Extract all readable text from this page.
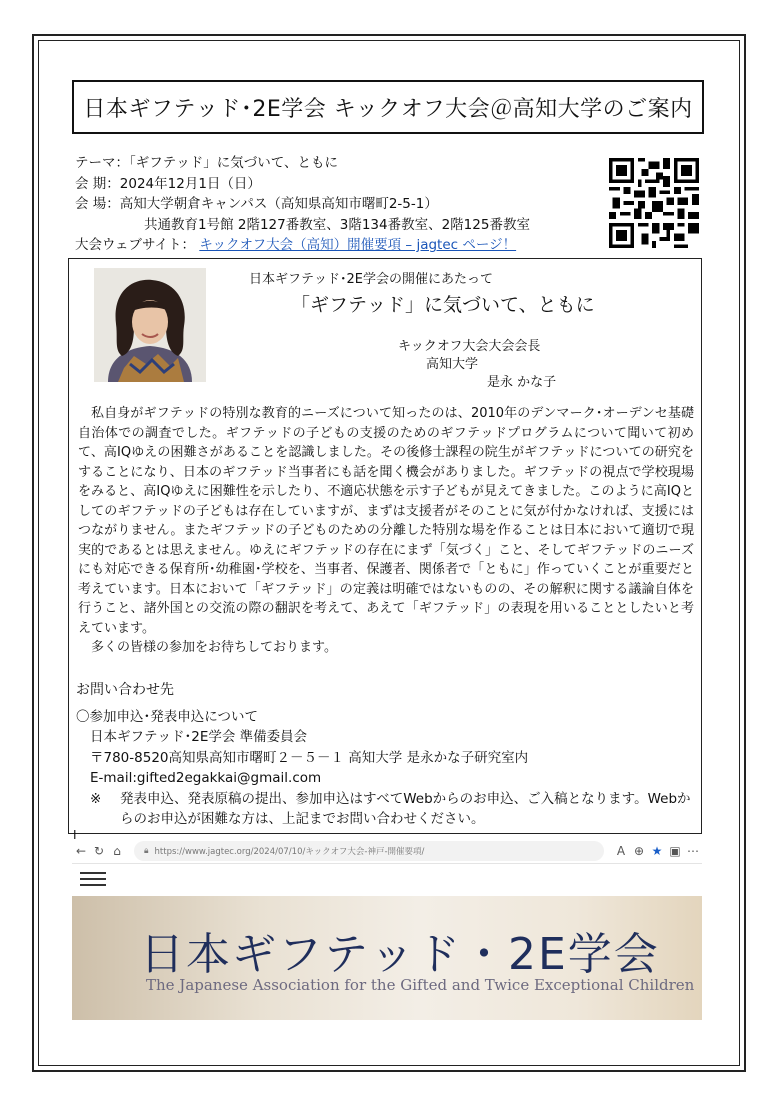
日本ギフテッド･2E学会 キックオフ大会＠高知大学のご案内
テーマ：「ギフテッド」に気づいて、ともに
会 期：2024年12月1日（日）
会 場：高知大学朝倉キャンパス（高知県高知市曙町2-5-1）
共通教育1号館 2階127番教室、3階134番教室、2階125番教室
大会ウェブサイト： キックオフ大会（高知）開催要項 – jagtec ページ！
日本ギフテッド･2E学会の開催にあたって
「ギフテッド」に気づいて、ともに
キックオフ大会大会会長
高知大学
是永 かな子

私自身がギフテッドの特別な教育的ニーズについて知ったのは、2010年のデンマーク･オーデンセ基礎自治体での調査でした。ギフテッドの子どもの支援のためのギフテッドプログラムについて聞いて初めて、高IQゆえの困難さがあることを認識しました。その後修士課程の院生がギフテッドについての研究をすることになり、日本のギフテッド当事者にも話を聞く機会がありました。ギフテッドの視点で学校現場をみると、高IQゆえに困難性を示したり、不適応状態を示す子どもが見えてきました。このように高IQとしてのギフテッドの子どもは存在していますが、まずは支援者がそのことに気が付かなければ、支援にはつながりません。またギフテッドの子どものための分離した特別な場を作ることは日本において適切で現実的であるとは思えません。ゆえにギフテッドの存在にまず「気づく」こと、そしてギフテッドのニーズにも対応できる保育所･幼稚園･学校を、当事者、保護者、関係者で「ともに」作っていくことが重要だと考えています。日本において「ギフテッド」の定義は明確ではないものの、その解釈に関する議論自体を行うこと、諸外国との交流の際の翻訳を考えて、あえて「ギフテッド」の表現を用いることとしたいと考えています。

多くの皆様の参加をお待ちしております。

お問い合わせ先
〇参加申込･発表申込について
日本ギフテッド･2E学会 準備委員会
〒780-8520高知県高知市曙町２－５－１ 高知大学 是永かな子研究室内
E-mail:gifted2egakkai@gmail.com
※	発表申込、発表原稿の提出、参加申込はすべてWebからのお申込、ご入稿となります。Webからのお申込が困難な方は、上記までお問い合わせください。
← ↻ ⌂	🔒︎ https://www.jagtec.org/2024/07/10/キックオフ大会-神戸-開催要項/	A ⊕ ★ ▣ ⋯
I
日本ギフテッド・2E学会
The Japanese Association for the Gifted and Twice Exceptional Children
